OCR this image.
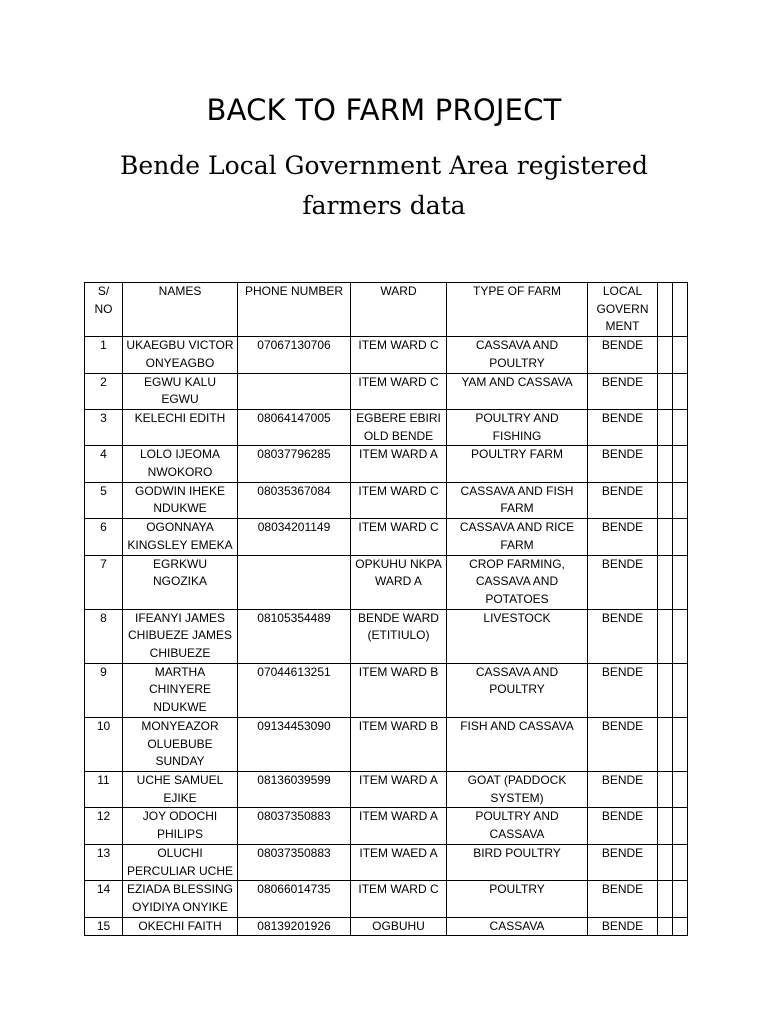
BACK TO FARM PROJECT
Bende Local Government Area registered farmers data
S/ NO	NAMES	PHONE NUMBER	WARD	TYPE OF FARM	LOCAL GOVERN MENT		
1	UKAEGBU VICTOR ONYEAGBO	07067130706	ITEM WARD C	CASSAVA AND POULTRY	BENDE		
2	EGWU KALU EGWU		ITEM WARD C	YAM AND CASSAVA	BENDE		
3	KELECHI EDITH	08064147005	EGBERE EBIRI OLD BENDE	POULTRY AND FISHING	BENDE		
4	LOLO IJEOMA NWOKORO	08037796285	ITEM WARD A	POULTRY FARM	BENDE		
5	GODWIN IHEKE NDUKWE	08035367084	ITEM WARD C	CASSAVA AND FISH FARM	BENDE		
6	OGONNAYA KINGSLEY EMEKA	08034201149	ITEM WARD C	CASSAVA AND RICE FARM	BENDE		
7	EGRKWU NGOZIKA		OPKUHU NKPA WARD A	CROP FARMING, CASSAVA AND POTATOES	BENDE		
8	IFEANYI JAMES CHIBUEZE JAMES CHIBUEZE	08105354489	BENDE WARD (ETITIULO)	LIVESTOCK	BENDE		
9	MARTHA CHINYERE NDUKWE	07044613251	ITEM WARD B	CASSAVA AND POULTRY	BENDE		
10	MONYEAZOR OLUEBUBE SUNDAY	09134453090	ITEM WARD B	FISH AND CASSAVA	BENDE		
11	UCHE SAMUEL EJIKE	08136039599	ITEM WARD A	GOAT (PADDOCK SYSTEM)	BENDE		
12	JOY ODOCHI PHILIPS	08037350883	ITEM WARD A	POULTRY AND CASSAVA	BENDE		
13	OLUCHI PERCULIAR UCHE	08037350883	ITEM WAED A	BIRD POULTRY	BENDE		
14	EZIADA BLESSING OYIDIYA ONYIKE	08066014735	ITEM WARD C	POULTRY	BENDE		
15	OKECHI FAITH	08139201926	OGBUHU	CASSAVA	BENDE		
